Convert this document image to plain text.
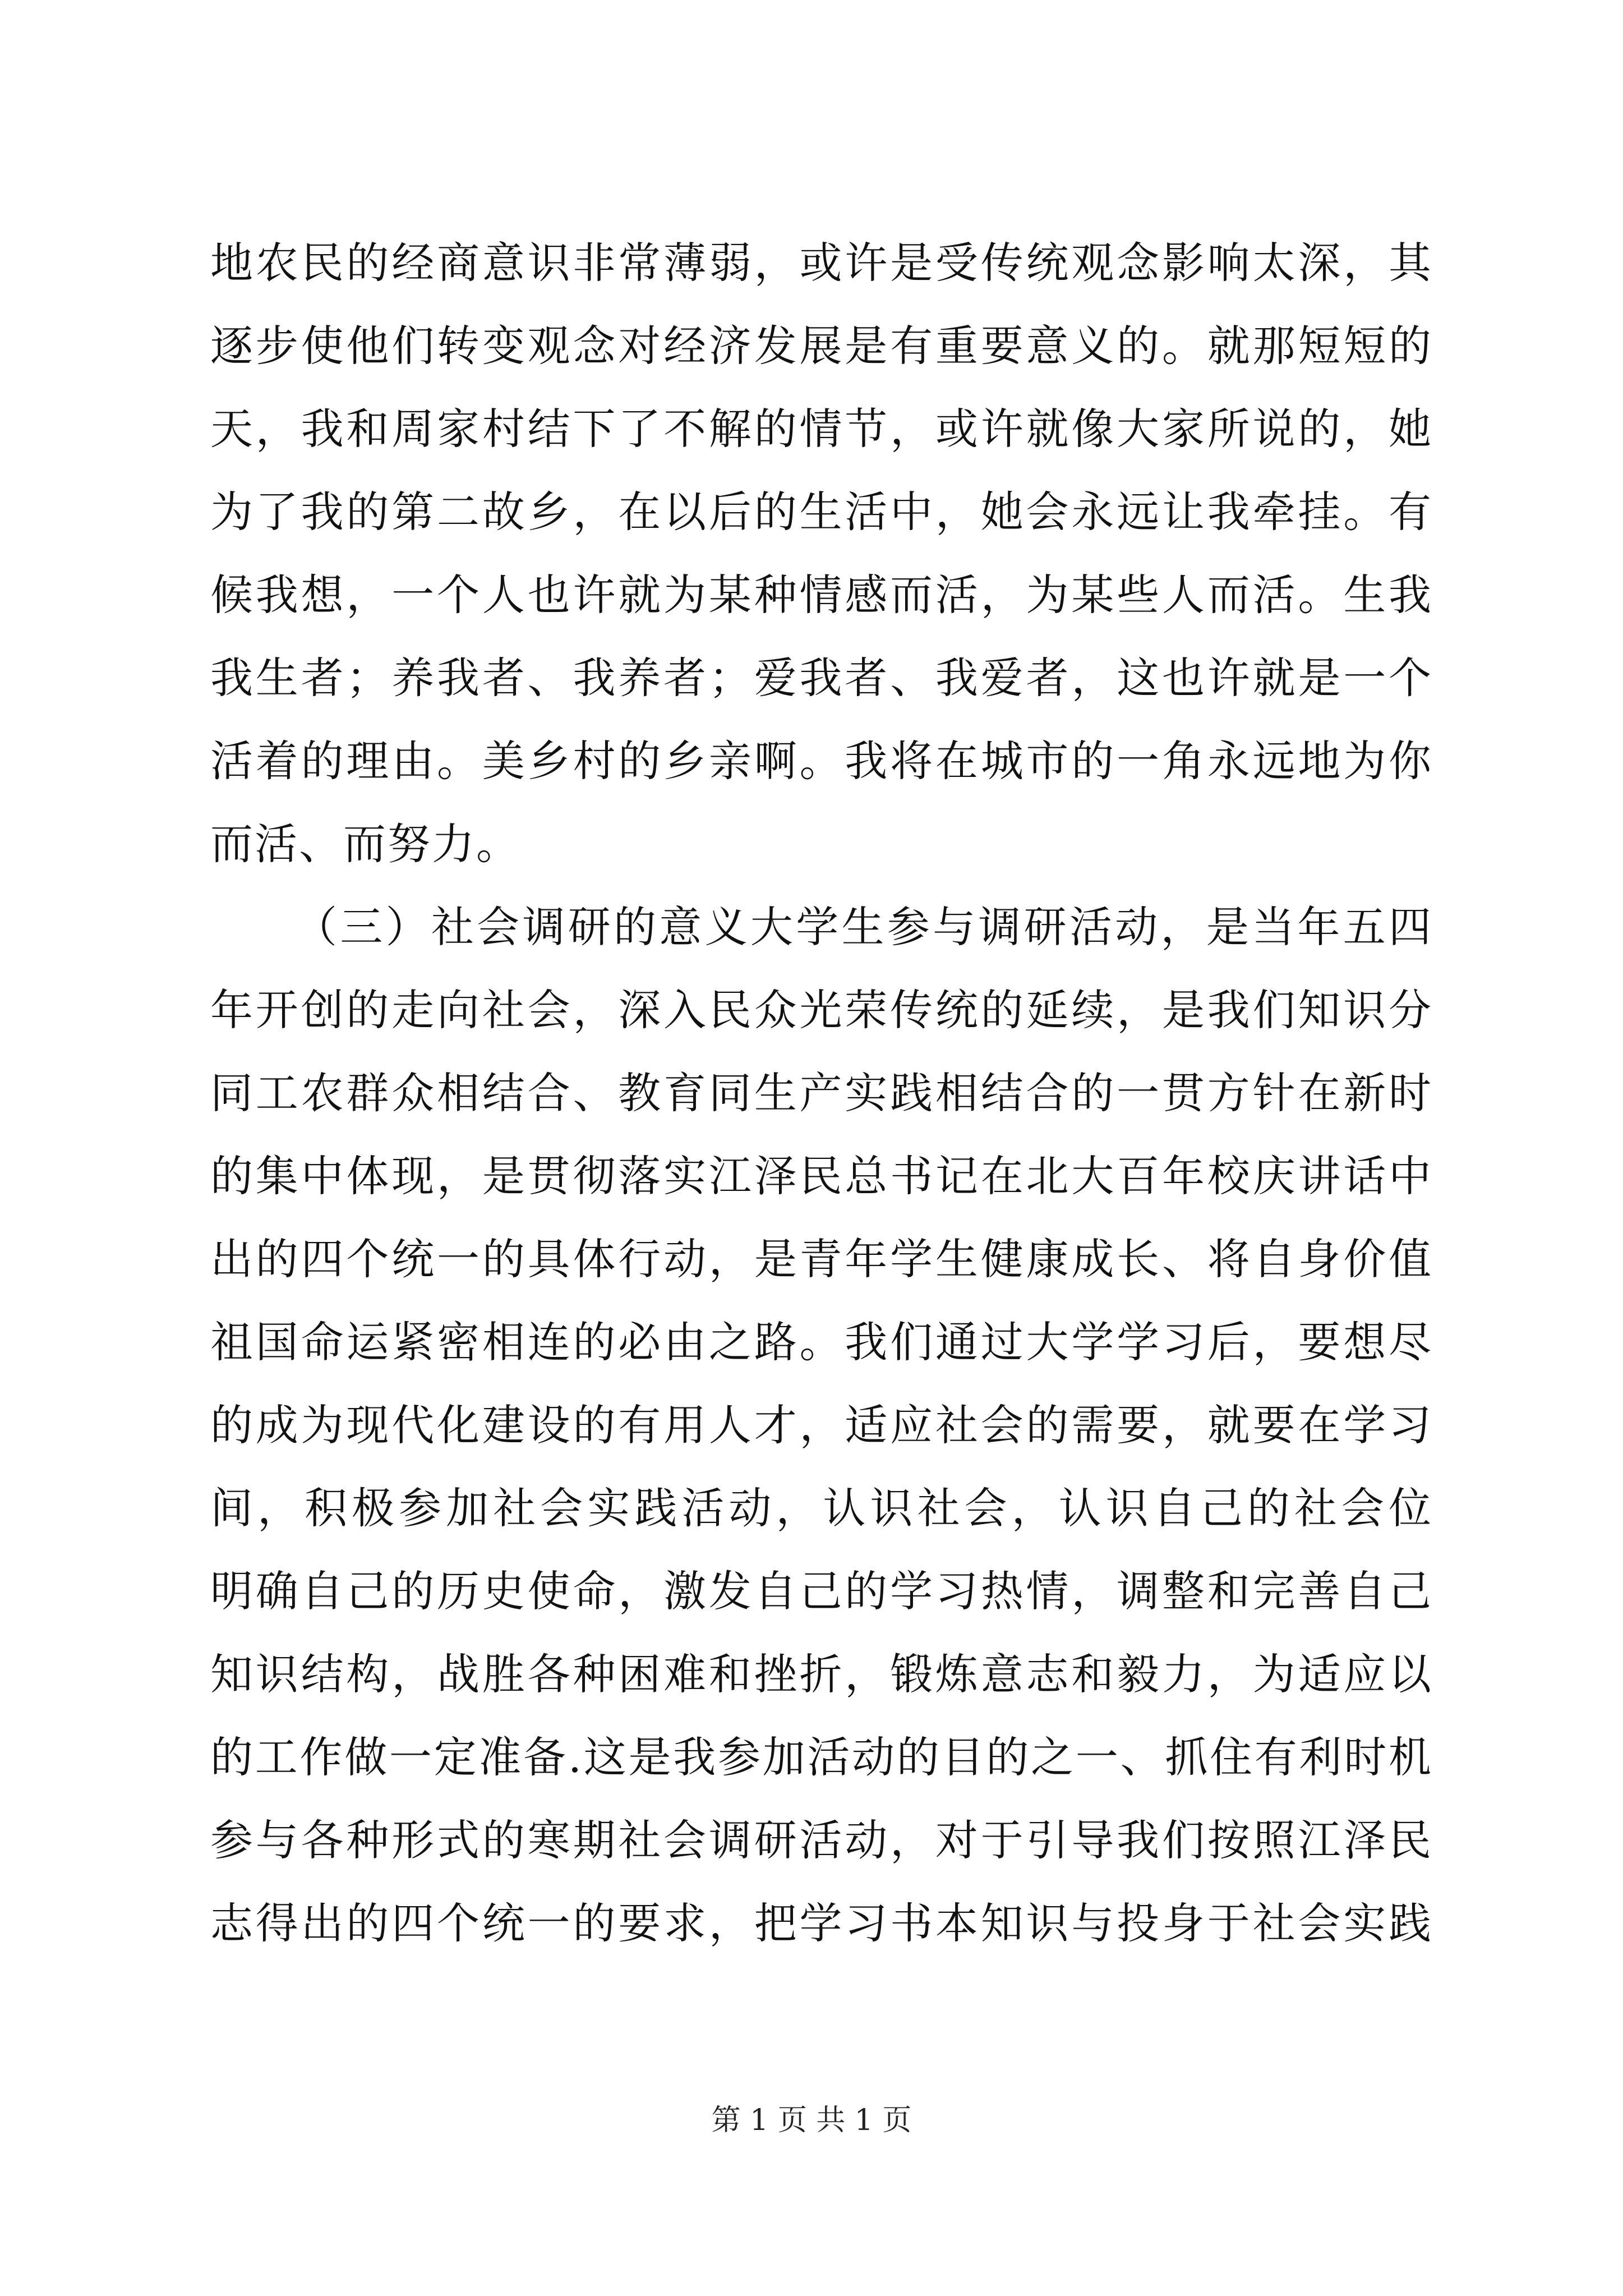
地农民的经商意识非常薄弱，或许是受传统观念影响太深，其
逐步使他们转变观念对经济发展是有重要意义的。就那短短的
天，我和周家村结下了不解的情节，或许就像大家所说的，她
为了我的第二故乡，在以后的生活中，她会永远让我牵挂。有
候我想，一个人也许就为某种情感而活，为某些人而活。生我
我生者；养我者、我养者；爱我者、我爱者，这也许就是一个
活着的理由。美乡村的乡亲啊。我将在城市的一角永远地为你
而活、而努力。
（三）社会调研的意义大学生参与调研活动，是当年五四
年开创的走向社会，深入民众光荣传统的延续，是我们知识分
同工农群众相结合、教育同生产实践相结合的一贯方针在新时
的集中体现，是贯彻落实江泽民总书记在北大百年校庆讲话中
出的四个统一的具体行动，是青年学生健康成长、将自身价值
祖国命运紧密相连的必由之路。我们通过大学学习后，要想尽
的成为现代化建设的有用人才，适应社会的需要，就要在学习
间，积极参加社会实践活动，认识社会，认识自己的社会位
明确自己的历史使命，激发自己的学习热情，调整和完善自己
知识结构，战胜各种困难和挫折，锻炼意志和毅力，为适应以
的工作做一定准备.这是我参加活动的目的之一、抓住有利时机
参与各种形式的寒期社会调研活动，对于引导我们按照江泽民
志得出的四个统一的要求，把学习书本知识与投身于社会实践
第 1 页 共 1 页
